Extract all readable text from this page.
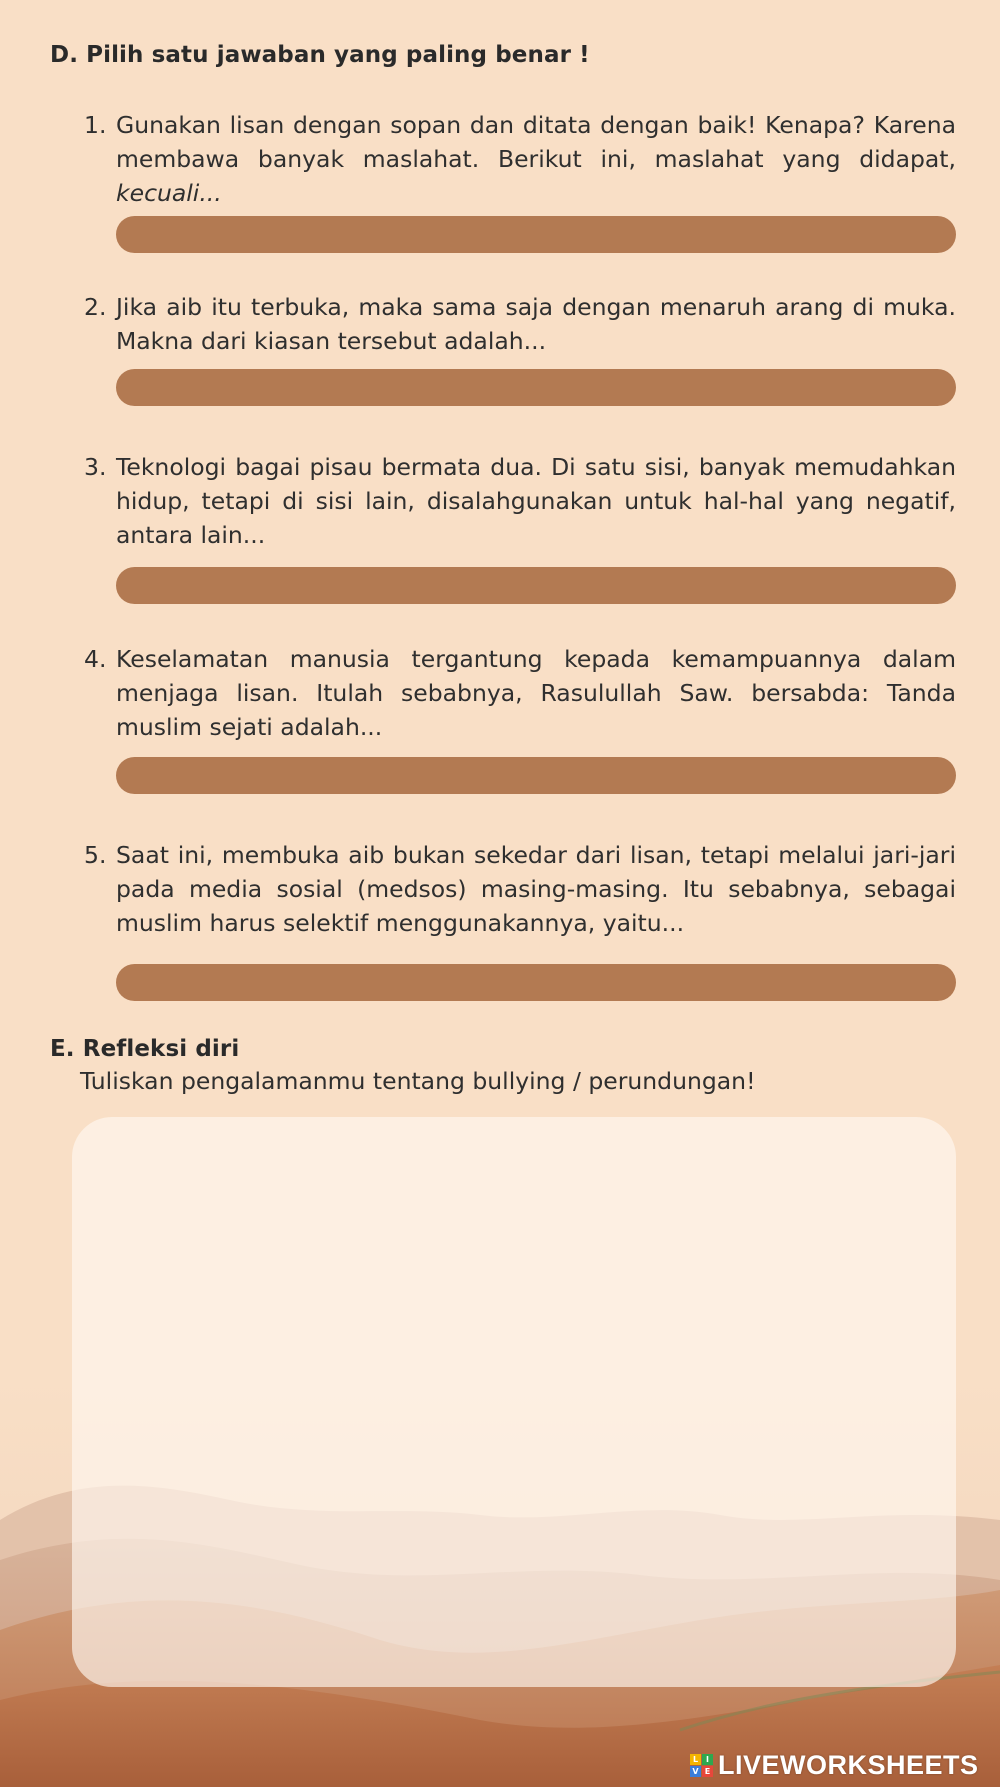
D. Pilih satu jawaban yang paling benar !
1. Gunakan lisan dengan sopan dan ditata dengan baik! Kenapa? Karena membawa banyak maslahat. Berikut ini, maslahat yang didapat, kecuali...
2. Jika aib itu terbuka, maka sama saja dengan menaruh arang di muka. Makna dari kiasan tersebut adalah...
3. Teknologi bagai pisau bermata dua. Di satu sisi, banyak memudahkan hidup, tetapi di sisi lain, disalahgunakan untuk hal-hal yang negatif, antara lain...
4. Keselamatan manusia tergantung kepada kemampuannya dalam menjaga lisan. Itulah sebabnya, Rasulullah Saw. bersabda: Tanda muslim sejati adalah...
5. Saat ini, membuka aib bukan sekedar dari lisan, tetapi melalui jari-jari pada media sosial (medsos) masing-masing. Itu sebabnya, sebagai muslim harus selektif menggunakannya, yaitu...
E. Refleksi diri

Tuliskan pengalamanmu tentang bullying / perundungan!

L I
V E LIVEWORKSHEETS
